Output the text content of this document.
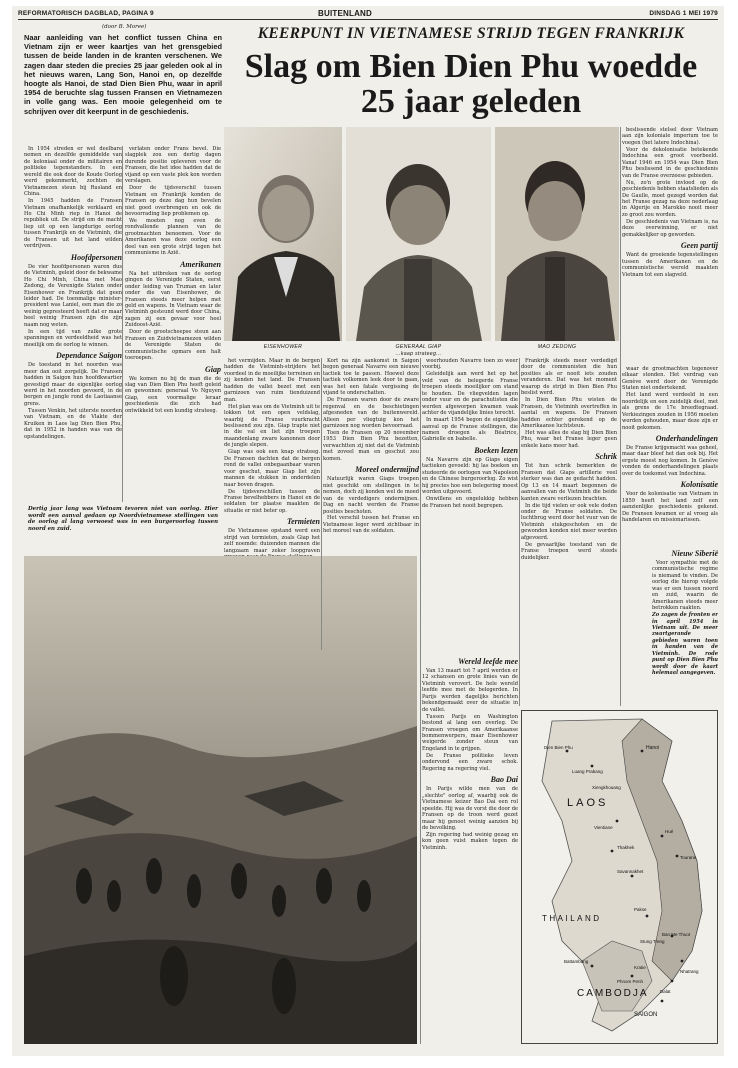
REFORMATORISCH DAGBLAD, PAGINA 9	BUITENLAND	DINSDAG 1 MEI 1979
(door B. Moree)
Naar aanleiding van het conflict tussen China en Vietnam zijn er weer kaartjes van het grensgebied tussen de beide landen in de kranten verschenen. We zagen daar steden die precies 25 jaar geleden ook al in het nieuws waren, Lang Son, Hanoi en, op dezelfde hoogte als Hanoi, de stad Dien Bien Phu, waar in april 1954 de beruchte slag tussen Fransen en Vietnamezen in volle gang was. Een mooie gelegenheid om te schrijven over dit keerpunt in de geschiedenis.
KEERPUNT IN VIETNAMESE STRIJD TEGEN FRANKRIJK
Slag om Bien Dien Phu woedde 25 jaar geleden
EISENHOWER	GENERAAL GIAP
...kaap strateeg...
MAO ZEDONG

In 1954 streden er wel deelbare nemen en dezelfde gemiddelde van de koloniaal onder de militairen en politieke tegenstanders. In een wereld die ook door de Koude Oorlog werd gekenmerkt, zochten de Vietnamezen steun bij Rusland en China.

In 1945 hadden de Fransen Vietnam onafhankelijk verklaard en Ho Chi Minh riep in Hanoi de republiek uit. De strijd om de macht liep uit op een langdurige oorlog tussen Frankrijk en de Vietminh, die de Fransen uit het land wilden verdrijven.

Hoofdpersonen

De vier hoofdpersonen waren dus de Vietminh, geleid door de bekwame Ho Chi Minh, China met Mao Zedong, de Verenigde Staten onder Eisenhower en Frankrijk dat geen leider had. De toenmalige minister-president was Laniel, een man die zo weinig gepresteerd heeft dat er maar heel weinig Fransen zijn die zijn naam nog weten.

In een tijd van zulke grote spanningen en verdeeldheid was het moeilijk om de oorlog te winnen.

Dependance Saigon

De toestand in het noorden was meer dan ooit zorgelijk. De Fransen hadden in Saigon hun hoofdkwartier gevestigd maar de eigenlijke oorlog werd in het noorden gevoerd, in de bergen en jungle rond de Laotiaanse grens.

Tussen Venkin, het uiterste noorden van Vietnam, en de Vlakte der Kruiken in Laos lag Dien Bien Phu, dat in 1952 in handen was van de opstandelingen.

verlaten onder Frans bevel. Die slagplek zou een dertig dagen durende positie opleveren voor de Fransen, die het idee hadden dat de vijand op een vaste plek kon worden verslagen.

Door de tijdsverschil tussen Vietnam en Frankrijk konden de Fransen op deze dag hun bevelen niet goed overbrengen en ook de bevoorrading liep problemen op.

We moeten nog even de rondvallende plannen van de grootmachten benoemen. Voor de Amerikanen was deze oorlog een deel van een grote strijd tegen het communisme in Azië.

Amerikanen

Na het uitbreken van de oorlog gingen de Verenigde Staten, eerst onder leiding van Truman en later onder die van Eisenhower, de Fransen steeds meer helpen met geld en wapens. In Vietnam waar de Vietminh gesteund werd door China, zagen zij een gevaar voor heel Zuidoost-Azië.

Door de grootscheepse steun aan Fransen en Zuidvietnamezen wilden de Verenigde Staten de communistische opmars een halt toeroepen.

Giap

We komen nu bij de man die de slag van Dien Bien Phu heeft geleid en gewonnen: generaal Vo Nguyen Giap, een voormalige leraar geschiedenis die zich had ontwikkeld tot een kundig strateeg.

het vermijden. Maar in de bergen hadden de Vietminh-strijders het voordeel in de moeilijke terreinen en zij kenden het land. De Fransen hadden de vallei bezet met een garnizoen van ruim tienduizend man.

Het plan was om de Vietminh uit te lokken tot een open veldslag, waarbij de Franse vuurkracht beslissend zou zijn. Giap trapte niet in die val en liet zijn troepen maandenlang zware kanonnen door de jungle slepen.

Giap was ook een knap strateeg. De Fransen dachten dat de bergen rond de vallei onbegaanbaar waren voor geschut, maar Giap liet zijn mannen de stukken in onderdelen naar boven dragen.

De tijdsverschillen tussen de Franse bevelhebbers in Hanoi en de soldaten ter plaatse maakten de situatie er niet beter op.

Termieten

De Vietnamese opstand werd een strijd van termieten, zoals Giap het zelf noemde: duizenden mannen die langzaam maar zeker loopgraven

Kort na zijn aankomst in Saigon begon generaal Navarre een nieuwe tactiek toe te passen. Hoewel deze tactiek volkomen leek door te gaan, was het een fatale vergissing de vijand te onderschatten.

De Fransen waren door de zware regenval en de beschietingen afgesneden van de buitenwereld. Alleen per vliegtuig kon het garnizoen nog worden bevoorraad.

Toen de Fransen op 20 november 1953 Dien Bien Phu bezetten, verwachtten zij niet dat de Vietminh met zoveel man en geschut zou komen.

Moreel ondermijnd

Natuurlijk waren Giaps troepen niet geschikt om stellingen in te nemen, doch zij konden wel de moed van de verdedigers ondermijnen. Dag en nacht werden de Franse posities beschoten.

Het verschil tussen het Franse en Vietnamese leger werd zichtbaar in het moreel van de soldaten.

weerhouden Navarre toen zo weer voorbij.

Geleidelijk aan werd het op het veld van de belegerde Franse troepen steeds moeilijker om stand te houden. De vliegvelden lagen onder vuur en de parachutisten die werden afgeworpen kwamen vaak achter de vijandelijke linies terecht.

In maart 1954 begon de eigenlijke aanval op de Franse stellingen, die namen droegen als Béatrice, Gabrielle en Isabelle.

Boeken lezen

Na Navarre zijn op Giaps eigen tactieken gevoeld: hij las boeken en studeerde de oorlogen van Napoleon en de Chinese burgeroorlog. Zo wist hij precies hoe een belegering moest worden uitgevoerd.

Onwillens en ongelukkig hebben de Fransen het nooit begrepen.

Frankrijk steeds meer verdedigd door de communisten die hun posities als er nooit iets zouden veranderen. Dat was het moment waarop de strijd in Dien Bien Phu beslist werd.

In Dien Bien Phu wisten de Fransen, de Vietminh overtreffen in aantal en wapens. De Fransen hadden echter gerekend op de Amerikaanse luchtsteun.

Het was alles de slag bij Dien Bien Phu, waar het Franse leger geen enkele kans meer had.

Schrik

Tot hun schrik bemerkten de Fransen dat Giaps artillerie veel sterker was dan ze gedacht hadden. Op 13 en 14 maart begonnen de aanvallen van de Vietminh die beide kanten zware verliezen brachten.

In die tijd vielen er ook vele doden onder de Franse soldaten. De luchtbrug werd door het vuur van de Vietminh stukgeschoten en de gewonden konden niet meer worden afgevoerd.

De gevaarlijke toestand van de Franse troepen werd steeds duidelijker.

beslissende stelsel door Vietnam aan zijn koloniale imperium toe te voegen (het latere Indochina).

Voor de dekolonisatie betekende Indochina een groot voorbeeld. Vanaf 1946 en 1954 was Dien Bien Phu beslissend in de geschiedenis van de Franse overzeese gebieden.

Nu, zo'n grote invloed op de geschiedenis hebben staatslieden als De Gaulle, moet gezegd worden dat het Franse gezag na deze nederlaag in Algerije en Marokko nooit meer zo groot zou worden.

De geschiedenis van Vietnam is, na deze overwinning, er niet gemakkelijker op geworden.

Geen partij

Want de groeiende tegenstellingen tussen de Amerikanen en de communistische wereld maakten Vietnam tot een slagveld.

waar de grootmachten tegenover elkaar stonden. Het verdrag van Genève werd door de Verenigde Staten niet ondertekend.

Het land werd verdeeld in een noordelijk en een zuidelijk deel, met als grens de 17e breedtegraad. Verkiezingen zouden in 1956 moeten worden gehouden, maar deze zijn er nooit gekomen.

Onderhandelingen

De Franse krijgsmacht was geheel, maar daar bleef het dan ook bij. Het ergste moest nog komen. In Genève vonden de onderhandelingen plaats over de toekomst van Indochina.

Kolonisatie

Voor de kolonisatie van Vietnam in 1859 heeft het land zelf een aanzienlijke geschiedenis gekend. De Fransen kwamen er al vroeg als handelaren en missionarissen.

Nieuw Siberië

Voor sympathie met de communistische regime is niemand te vinden. De oorlog die hierop volgde was er een tussen noord en zuid, waarin de Amerikanen steeds meer betrokken raakten.

Zo zagen de fronten er in april 1954 in Vietnam uit. De meer zwartgerande gebieden waren toen in handen van de Vietminh. De rode punt op Dien Bien Phu wordt door de kaart helemaal aangegeven.

Wereld leefde mee

Van 13 maart tot 7 april werden er 12 schansen en grote linies van de Vietminh verovert. De hele wereld leefde mee met de belegerden. In Parijs werden dagelijks berichten bekendgemaakt over de situatie in de vallei.

Tussen Parijs en Washington bestond al lang een overleg. De Fransen vroegen om Amerikaanse bommenwerpers, maar Eisenhower weigerde zonder steun van Engeland in te grijpen.

De Franse politieke leven ondervond een zware schok. Regering na regering viel.

Bao Dai

In Parijs wilde men van de „slechte" oorlog af, waarbij ook de Vietnamese keizer Bao Dai een rol speelde. Hij was de vorst die door de Fransen op de troon werd gezet maar hij genoot weinig aanzien bij de bevolking.

Zijn regering had weinig gezag en kon geen vuist maken tegen de Vietminh.

Dertig jaar lang was Vietnam tevoren niet van oorlog. Hier wordt een aanval gedaan op Noordvietnamese stellingen van de oorlog al lang verwoest was in een burgeroorlog tussen noord en zuid.
LAOS
THAILAND
CAMBODJA
SAIGON
Hanoi
Luang Prabang
Vientiane
Phnom Penh
Hué
Tourane
Savannakhet
Pakse
Battambang
Kratie
Nhatrang
Dalat
Xiengkhouang
Dien Bien Phu
Thakhek
Stung Treng
Ban Me Thuot
